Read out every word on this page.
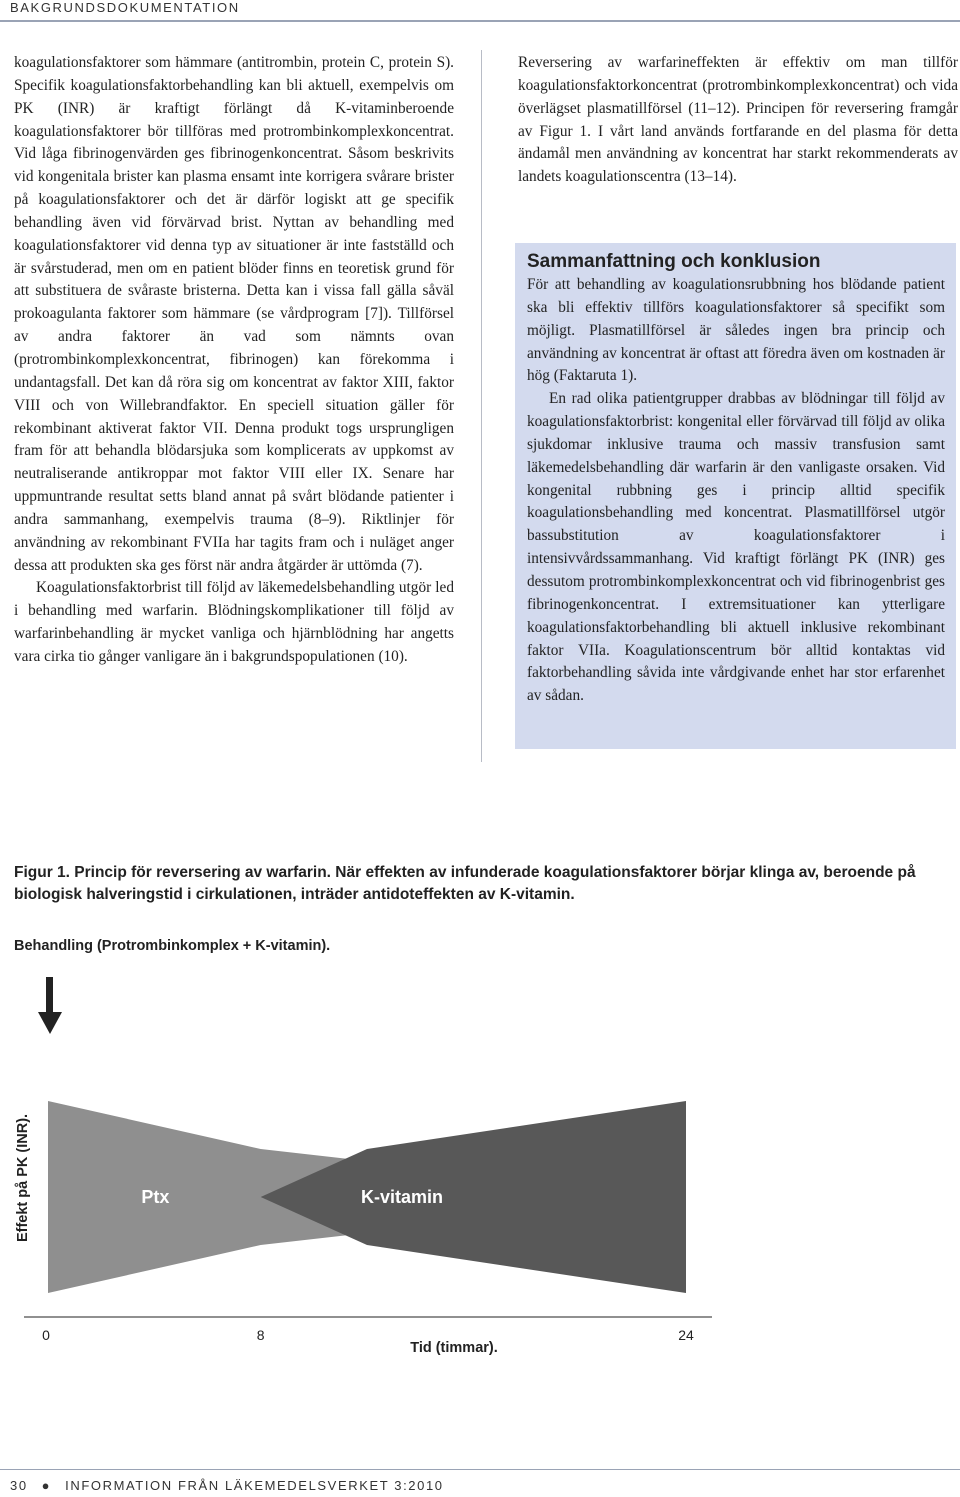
BAKGRUNDSDOKUMENTATION

koagulationsfaktorer som hämmare (antitrombin, protein C, protein S). Specifik koagulationsfaktorbehandling kan bli aktuell, exempelvis om PK (INR) är kraftigt förlängt då K-vitaminberoende koagulationsfaktorer bör tillföras med protrombinkomplexkoncentrat. Vid låga fibrinogenvärden ges fibrinogenkoncentrat. Såsom beskrivits vid kongenitala brister kan plasma ensamt inte korrigera svårare brister på koagulationsfaktorer och det är därför logiskt att ge specifik behandling även vid förvärvad brist. Nyttan av behandling med koagulationsfaktorer vid denna typ av situationer är inte fastställd och är svårstuderad, men om en patient blöder finns en teoretisk grund för att substituera de svåraste bristerna. Detta kan i vissa fall gälla såväl prokoagulanta faktorer som hämmare (se vårdprogram [7]). Tillförsel av andra faktorer än vad som nämnts ovan (protrombinkomplexkoncentrat, fibrinogen) kan förekomma i undantagsfall. Det kan då röra sig om koncentrat av faktor XIII, faktor VIII och von Willebrandfaktor. En speciell situation gäller för rekombinant aktiverat faktor VII. Denna produkt togs ursprungligen fram för att behandla blödarsjuka som komplicerats av uppkomst av neutraliserande antikroppar mot faktor VIII eller IX. Senare har uppmuntrande resultat setts bland annat på svårt blödande patienter i andra sammanhang, exempelvis trauma (8–9). Riktlinjer för användning av rekombinant FVIIa har tagits fram och i nuläget anger dessa att produkten ska ges först när andra åtgärder är uttömda (7).

Koagulationsfaktorbrist till följd av läkemedelsbehandling utgör led i behandling med warfarin. Blödningskomplikationer till följd av warfarinbehandling är mycket vanliga och hjärnblödning har angetts vara cirka tio gånger vanligare än i bakgrundspopulationen (10).

Reversering av warfarineffekten är effektiv om man tillför koagulationsfaktorkoncentrat (protrombinkomplexkoncentrat) och vida överlägset plasmatillförsel (11–12). Principen för reversering framgår av Figur 1. I vårt land används fortfarande en del plasma för detta ändamål men användning av koncentrat har starkt rekommenderats av landets koagulationscentra (13–14).

Sammanfattning och konklusion

För att behandling av koagulationsrubbning hos blödande patient ska bli effektiv tillförs koagulationsfaktorer så specifikt som möjligt. Plasmatillförsel är således ingen bra princip och användning av koncentrat är oftast att föredra även om kostnaden är hög (Faktaruta 1).

En rad olika patientgrupper drabbas av blödningar till följd av koagulationsfaktorbrist: kongenital eller förvärvad till följd av olika sjukdomar inklusive trauma och massiv transfusion samt läkemedelsbehandling där warfarin är den vanligaste orsaken. Vid kongenital rubbning ges i princip alltid specifik koagulationsbehandling med koncentrat. Plasmatillförsel utgör bassubstitution av koagulationsfaktorer i intensivvårdssammanhang. Vid kraftigt förlängt PK (INR) ges dessutom protrombinkomplexkoncentrat och vid fibrinogenbrist ges fibrinogenkoncentrat. I extremsituationer kan ytterligare koagulationsfaktorbehandling bli aktuell inklusive rekombinant faktor VIIa. Koagulationscentrum bör alltid kontaktas vid faktorbehandling såvida inte vårdgivande enhet har stor erfarenhet av sådan.

Figur 1. Princip för reversering av warfarin. När effekten av infunderade koagulationsfaktorer börjar klinga av, beroende på biologisk halveringstid i cirkulationen, inträder antidoteffekten av K-vitamin.
Behandling (Protrombinkomplex + K-vitamin).
Ptx	K-vitamin
0	8	24
Tid (timmar).
Effekt på PK (INR).
30 ● INFORMATION FRÅN LÄKEMEDELSVERKET 3:2010
